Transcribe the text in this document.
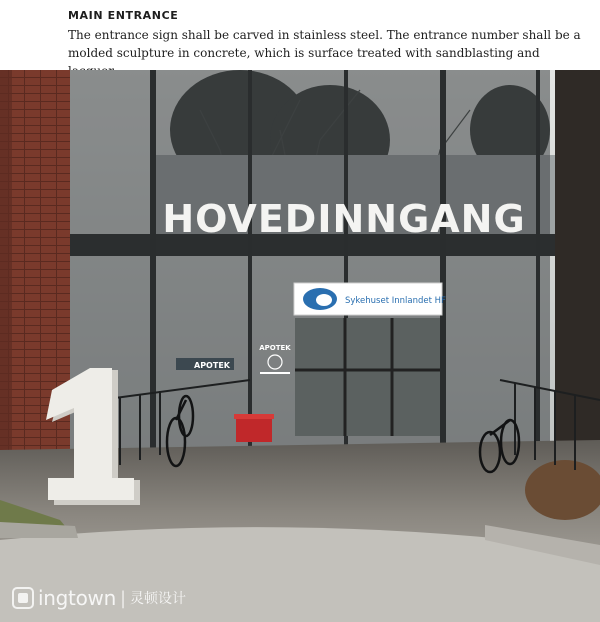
MAIN ENTRANCE

The entrance sign shall be carved in stainless steel. The entrance number shall be a molded sculpture in concrete, which is surface treated with sandblasting and

HOVEDINNGANG
Sykehuset Innlandet HF
APOTEK
APOTEK
ingtown | 灵顿设计
